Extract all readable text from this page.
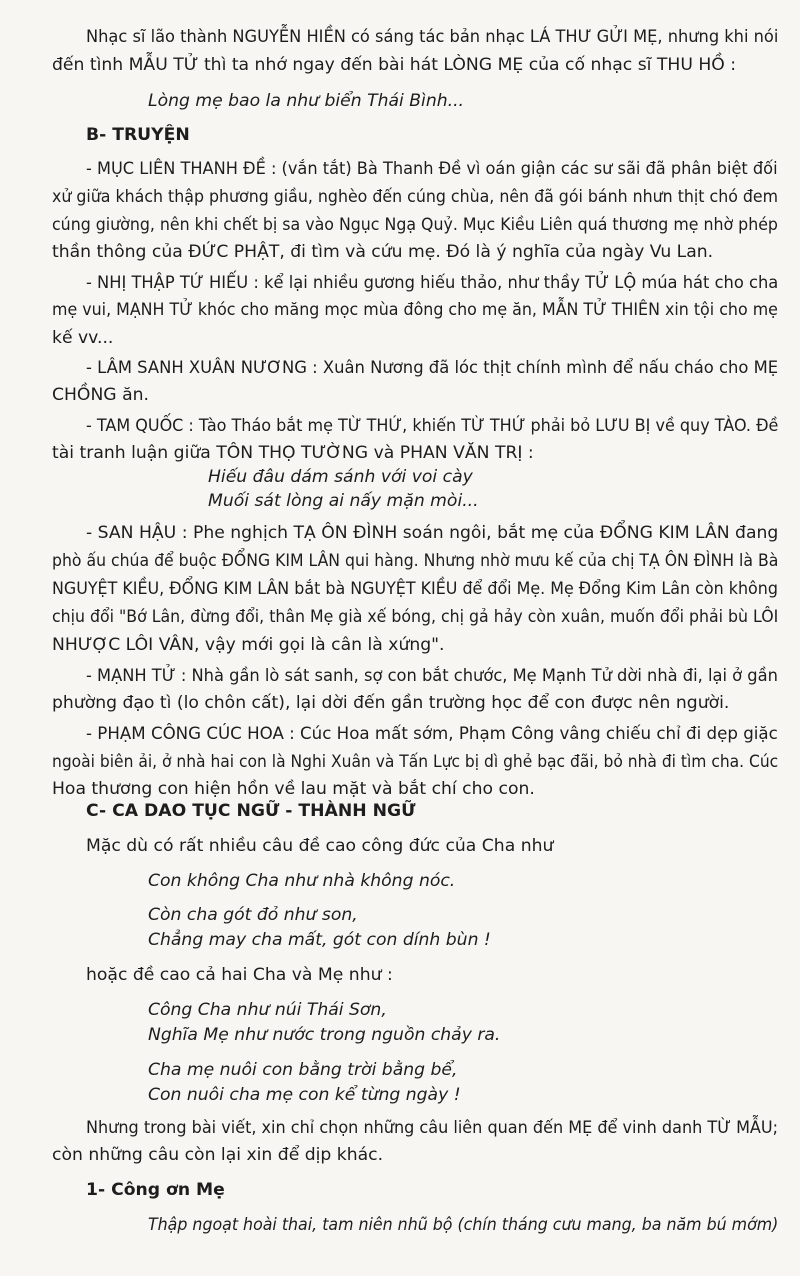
Nhạc sĩ lão thành NGUYỄN HIỀN có sáng tác bản nhạc LÁ THƯ GỬI MẸ, nhưng khi nói
đến tình MẪU TỬ thì ta nhớ ngay đến bài hát LÒNG MẸ của cố nhạc sĩ THU HỒ :
Lòng mẹ bao la như biển Thái Bình...
B- TRUYỆN
- MỤC LIÊN THANH ĐỀ : (vắn tắt) Bà Thanh Đề vì oán giận các sư sãi đã phân biệt đối
xử giữa khách thập phương giầu, nghèo đến cúng chùa, nên đã gói bánh nhưn thịt chó đem
cúng giường, nên khi chết bị sa vào Ngục Ngạ Quỷ. Mục Kiều Liên quá thương mẹ nhờ phép
thần thông của ĐỨC PHẬT, đi tìm và cứu mẹ. Đó là ý nghĩa của ngày Vu Lan.
- NHỊ THẬP TỨ HIẾU : kể lại nhiều gương hiếu thảo, như thầy TỬ LỘ múa hát cho cha
mẹ vui, MẠNH TỬ khóc cho măng mọc mùa đông cho mẹ ăn, MẪN TỬ THIÊN xin tội cho mẹ
kế vv...
- LÂM SANH XUÂN NƯƠNG : Xuân Nương đã lóc thịt chính mình để nấu cháo cho MẸ
CHỒNG ăn.
- TAM QUỐC : Tào Tháo bắt mẹ TỪ THỨ, khiến TỪ THỨ phải bỏ LƯU BỊ về quy TÀO. Đề
tài tranh luận giữa TÔN THỌ TƯỜNG và PHAN VĂN TRỊ :
Hiếu đâu dám sánh với voi cày
Muối sát lòng ai nấy mặn mòi...
- SAN HẬU : Phe nghịch TẠ ÔN ĐÌNH soán ngôi, bắt mẹ của ĐỔNG KIM LÂN đang
phò ấu chúa để buộc ĐỔNG KIM LÂN qui hàng. Nhưng nhờ mưu kế của chị TẠ ÔN ĐÌNH là Bà
NGUYỆT KIỀU, ĐỔNG KIM LÂN bắt bà NGUYỆT KIỀU để đổi Mẹ. Mẹ Đổng Kim Lân còn không
chịu đổi "Bớ Lân, đừng đổi, thân Mẹ già xế bóng, chị gả hảy còn xuân, muốn đổi phải bù LÔI
NHƯỢC LÔI VÂN, vậy mới gọi là cân là xứng".
- MẠNH TỬ : Nhà gần lò sát sanh, sợ con bắt chước, Mẹ Mạnh Tử dời nhà đi, lại ở gần
phường đạo tì (lo chôn cất), lại dời đến gần trường học để con được nên người.
- PHẠM CÔNG CÚC HOA : Cúc Hoa mất sớm, Phạm Công vâng chiếu chỉ đi dẹp giặc
ngoài biên ải, ở nhà hai con là Nghi Xuân và Tấn Lực bị dì ghẻ bạc đãi, bỏ nhà đi tìm cha. Cúc
Hoa thương con hiện hồn về lau mặt và bắt chí cho con.
C- CA DAO TỤC NGỮ - THÀNH NGỮ
Mặc dù có rất nhiều câu đề cao công đức của Cha như
Con không Cha như nhà không nóc.
Còn cha gót đỏ như son,
Chẳng may cha mất, gót con dính bùn !
hoặc đề cao cả hai Cha và Mẹ như :
Công Cha như núi Thái Sơn,
Nghĩa Mẹ như nước trong nguồn chảy ra.
Cha mẹ nuôi con bằng trời bằng bể,
Con nuôi cha mẹ con kể từng ngày !
Nhưng trong bài viết, xin chỉ chọn những câu liên quan đến MẸ để vinh danh TỪ MẪU;
còn những câu còn lại xin để dịp khác.
1- Công ơn Mẹ
Thập ngoạt hoài thai, tam niên nhũ bộ (chín tháng cưu mang, ba năm bú mớm)
